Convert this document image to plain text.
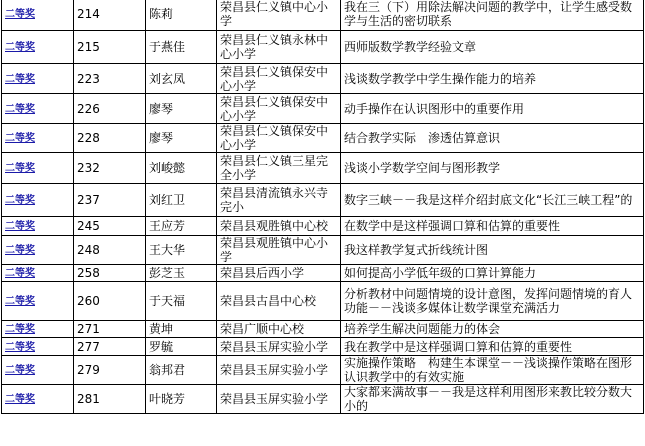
二等奖	214	陈莉	荣昌县仁义镇中心小学	我在三（下）用除法解决问题的教学中，让学生感受数学与生活的密切联系
二等奖	215	于燕佳	荣昌县仁义镇永林中心小学	西师版数学教学经验文章
二等奖	223	刘玄凤	荣昌县仁义镇保安中心小学	浅谈数学教学中学生操作能力的培养
二等奖	226	廖琴	荣昌县仁义镇保安中心小学	动手操作在认识图形中的重要作用
二等奖	228	廖琴	荣昌县仁义镇保安中心小学	结合教学实际　渗透估算意识
二等奖	232	刘峻懿	荣昌县仁义镇三星完全小学	浅谈小学数学空间与图形教学
二等奖	237	刘红卫	荣昌县清流镇永兴寺完小	数字三峡－－我是这样介绍封底文化“长江三峡工程”的
二等奖	245	王应芳	荣昌县观胜镇中心校	在数学中是这样强调口算和估算的重要性
二等奖	248	王大华	荣昌县观胜镇中心小学	我这样教学复式折线统计图
二等奖	258	彭芝玉	荣昌县后西小学	如何提高小学低年级的口算计算能力
二等奖	260	于天福	荣昌县古昌中心校	分析教材中问题情境的设计意图，发挥问题情境的育人功能－－浅谈多媒体让数学课堂充满活力
二等奖	271	黄坤	荣昌广顺中心校	培养学生解决问题能力的体会
二等奖	277	罗毓	荣昌县玉屏实验小学	我在教学中是这样强调口算和估算的重要性
二等奖	279	翁邦君	荣昌县玉屏实验小学	实施操作策略　构建生本课堂－－浅谈操作策略在图形认识教学中的有效实施
二等奖	281	叶晓芳	荣昌县玉屏实验小学	大家都来满故事－－我是这样利用图形来教比较分数大小的
